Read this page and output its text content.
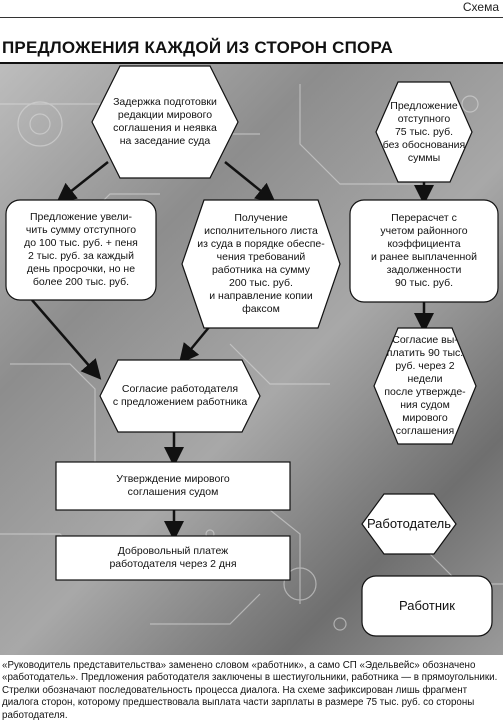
Схема
ПРЕДЛОЖЕНИЯ КАЖДОЙ ИЗ СТОРОН СПОРА
Задержка подготовки
редакции мирового
соглашения и неявка
на заседание суда
Предложение
отступного
75 тыс. руб.
без обоснования
суммы
Предложение увели-
чить сумму отступного
до 100 тыс. руб. + пеня
2 тыс. руб. за каждый
день просрочки, но не
более 200 тыс. руб.
Получение
исполнительного листа
из суда в порядке обеспе-
чения требований
работника на сумму
200 тыс. руб.
и направление копии
факсом
Перерасчет с
учетом районного
коэффициента
и ранее выплаченной
задолженности
90 тыс. руб.
Согласие работодателя
с предложением работника
Согласие вы-
платить 90 тыс.
руб. через 2 недели
после утвержде-
ния судом мирового
соглашения
Утверждение мирового
соглашения судом
Добровольный платеж
работодателя через 2 дня
Работодатель
Работник
«Руководитель представительства» заменено словом «работник», а само СП «Эдельвейс» обозначено «работодатель». Предложения работодателя заключены в шестиугольники, работника — в прямоугольники. Стрелки обозначают последовательность процесса диалога. На схеме зафиксирован лишь фрагмент диалога сторон, которому предшествовала выплата части зарплаты в размере 75 тыс. руб. со стороны работодателя.
